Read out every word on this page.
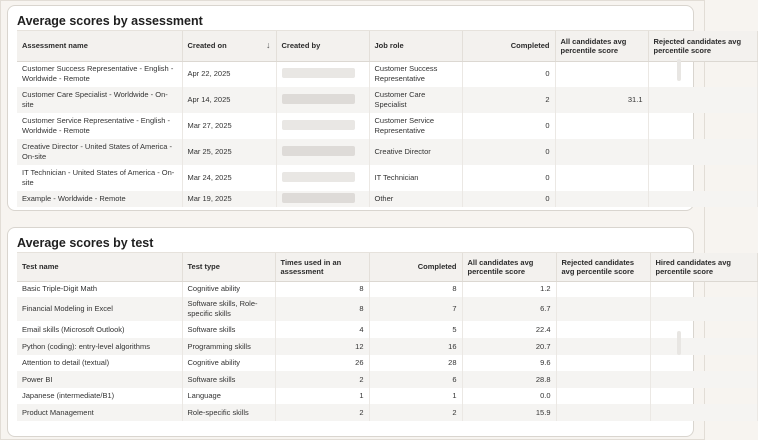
Average scores by assessment
Assessment name	Created on ↓	Created by	Job role	Completed	All candidates avg percentile score	Rejected candidates avg percentile score
Customer Success Representative - English - Worldwide - Remote	Apr 22, 2025		Customer Success Representative	0		
Customer Care Specialist - Worldwide - On-site	Apr 14, 2025		Customer Care Specialist	2	31.1	
Customer Service Representative - English - Worldwide - Remote	Mar 27, 2025		Customer Service Representative	0		
Creative Director - United States of America - On-site	Mar 25, 2025		Creative Director	0		
IT Technician - United States of America - On-site	Mar 24, 2025		IT Technician	0		
Example - Worldwide - Remote	Mar 19, 2025		Other	0		
Average scores by test
Test name	Test type	Times used in an assessment	Completed	All candidates avg percentile score	Rejected candidates avg percentile score	Hired candidates avg percentile score
Basic Triple-Digit Math	Cognitive ability	8	8	1.2		
Financial Modeling in Excel	Software skills, Role-specific skills	8	7	6.7		
Email skills (Microsoft Outlook)	Software skills	4	5	22.4		
Python (coding): entry-level algorithms	Programming skills	12	16	20.7		
Attention to detail (textual)	Cognitive ability	26	28	9.6		
Power BI	Software skills	2	6	28.8		
Japanese (intermediate/B1)	Language	1	1	0.0		
Product Management	Role-specific skills	2	2	15.9		
